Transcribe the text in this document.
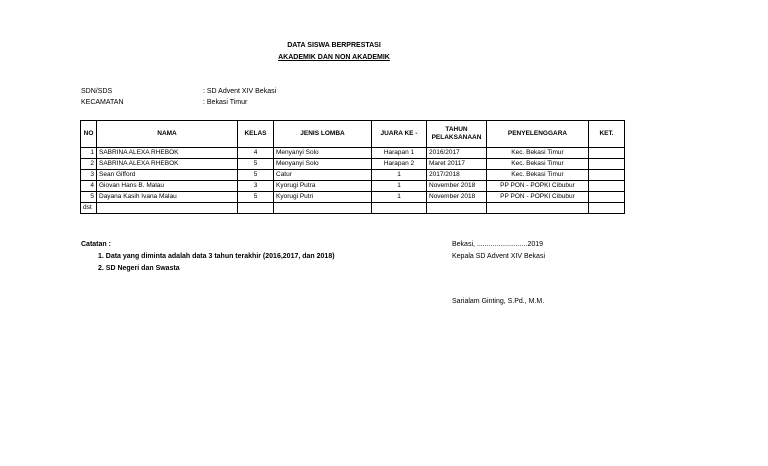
DATA SISWA BERPRESTASI
AKADEMIK DAN NON AKADEMIK
SDN/SDS	: SD Advent XIV Bekasi
KECAMATAN	: Bekasi Timur
NO	NAMA	KELAS	JENIS LOMBA	JUARA KE -	TAHUN PELAKSANAAN	PENYELENGGARA	KET.
1	SABRINA ALEXA RHEBOK	4	Menyanyi Solo	Harapan 1	2016/2017	Kec. Bekasi Timur	
2	SABRINA ALEXA RHEBOK	5	Menyanyi Solo	Harapan 2	Maret 20117	Kec. Bekasi Timur	
3	Sean Gifford	5	Catur	1	2017/2018	Kec. Bekasi Timur	
4	Giovan Hans B. Malau	3	Kyorugi Putra	1	November 2018	PP PON - POPKI Cibubur	
5	Dayana Kasih Ivana Malau	5	Kyorugi Putri	1	November 2018	PP PON - POPKI Cibubur	
dst							
Catatan :
1. Data yang diminta adalah data 3 tahun terakhir (2016,2017, dan 2018)
2. SD Negeri dan Swasta
Bekasi, ..........................2019
Kepala SD Advent XIV Bekasi
Sarialam Ginting, S.Pd., M.M.
